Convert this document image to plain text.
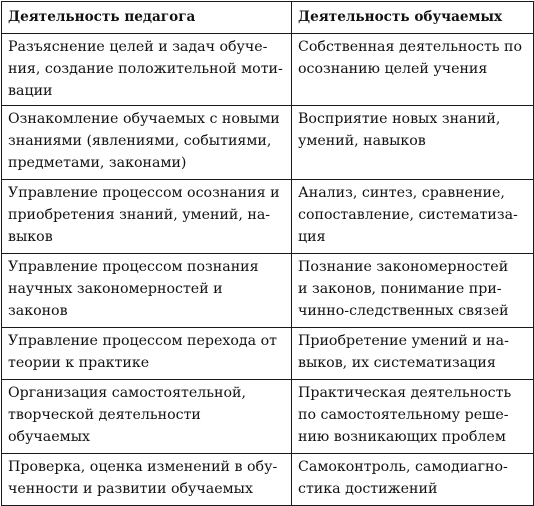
Деятельность педагога	Деятельность обучаемых

Разъяснение целей и задач обуче-
ния, создание положительной моти-
вации	Собственная деятельность по
осознанию целей учения

Ознакомление обучаемых с новыми
знаниями (явлениями, событиями,
предметами, законами)	Восприятие новых знаний,
умений, навыков

Управление процессом осознания и
приобретения знаний, умений, на-
выков	Анализ, синтез, сравнение,
сопоставление, систематиза-
ция

Управление процессом познания
научных закономерностей и законов	Познание закономерностей
и законов, понимание при-
чинно-следственных связей

Управление процессом перехода от
теории к практике	Приобретение умений и на-
выков, их систематизация

Организация самостоятельной,
творческой деятельности обучаемых	Практическая деятельность
по самостоятельному реше-
нию возникающих проблем

Проверка, оценка изменений в обу-
ченности и развитии обучаемых	Самоконтроль, самодиагно-
стика достижений
